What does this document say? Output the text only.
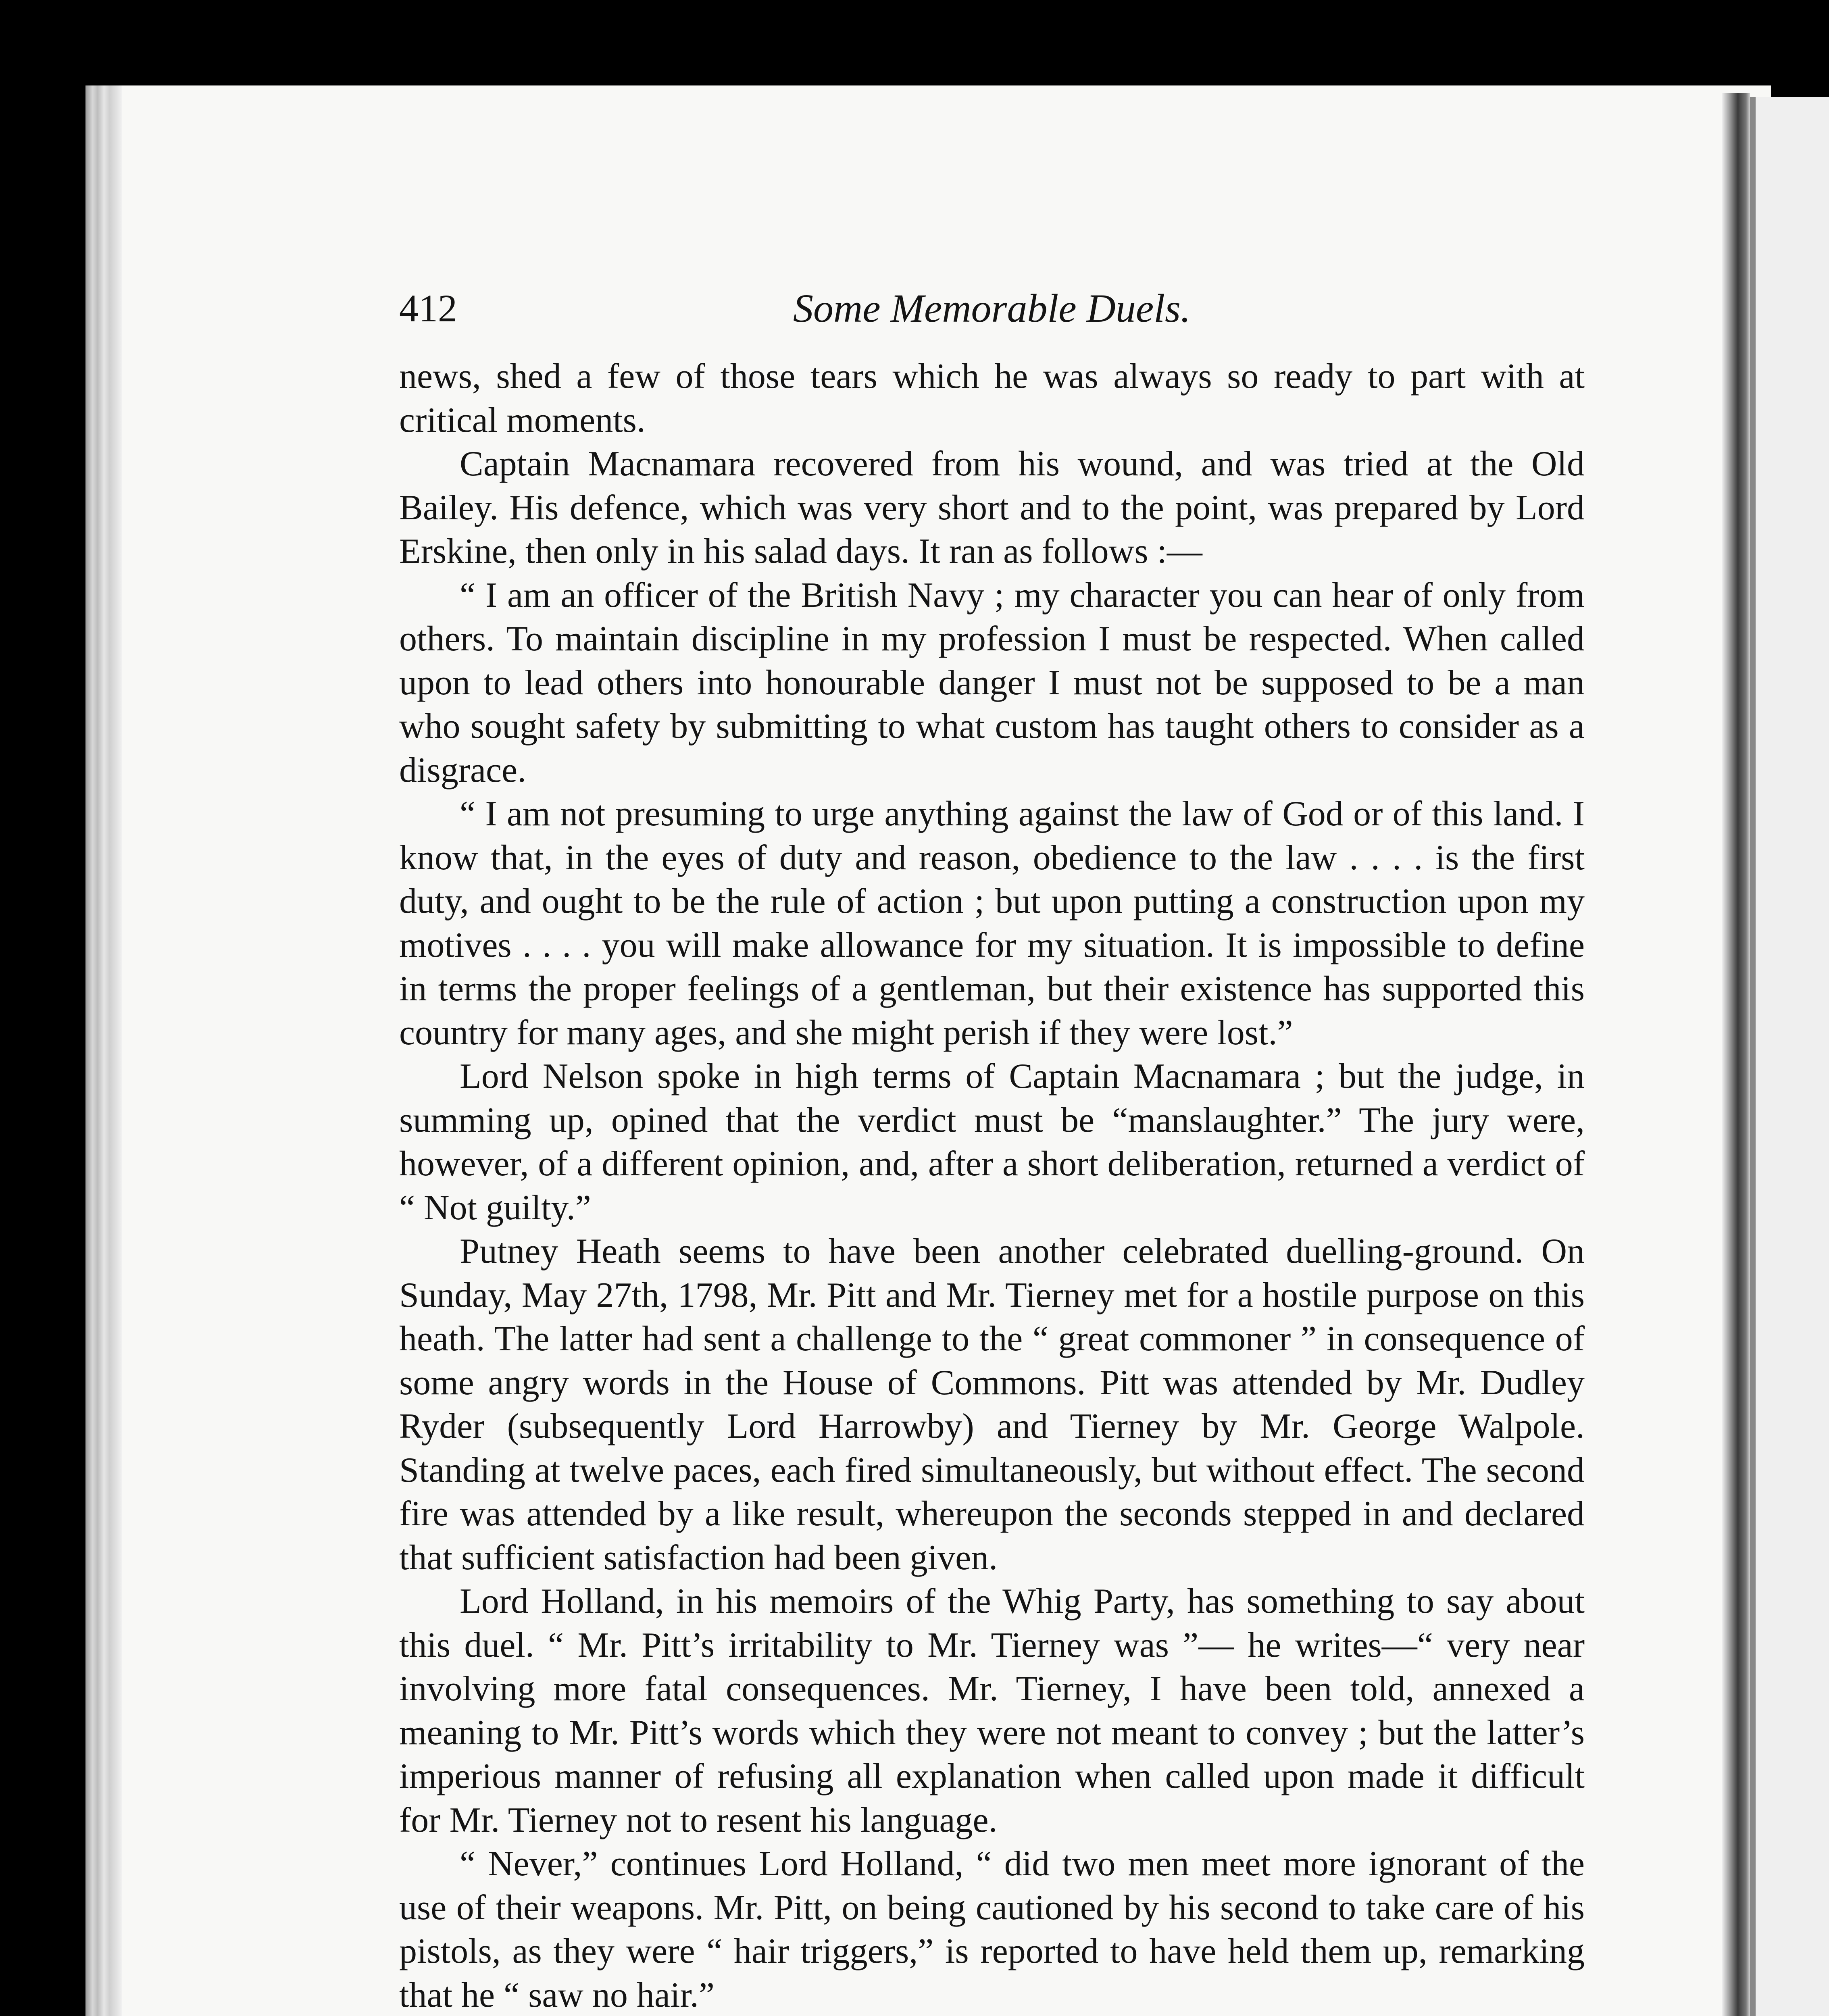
412	Some Memorable Duels.

news, shed a few of those tears which he was always so ready to part with at critical moments.

Captain Macnamara recovered from his wound, and was tried at the Old Bailey. His defence, which was very short and to the point, was prepared by Lord Erskine, then only in his salad days. It ran as follows :—

“ I am an officer of the British Navy ; my character you can hear of only from others. To maintain discipline in my profession I must be respected. When called upon to lead others into honourable danger I must not be supposed to be a man who sought safety by submitting to what custom has taught others to consider as a disgrace.

“ I am not presuming to urge anything against the law of God or of this land. I know that, in the eyes of duty and reason, obedience to the law . . . . is the first duty, and ought to be the rule of action ; but upon putting a construction upon my motives . . . . you will make allowance for my situation. It is impossible to define in terms the proper feelings of a gentleman, but their existence has supported this country for many ages, and she might perish if they were lost.”

Lord Nelson spoke in high terms of Captain Macnamara ; but the judge, in summing up, opined that the verdict must be “manslaughter.” The jury were, however, of a different opinion, and, after a short deliberation, returned a verdict of “ Not guilty.”

Putney Heath seems to have been another celebrated duelling-ground. On Sunday, May 27th, 1798, Mr. Pitt and Mr. Tierney met for a hostile purpose on this heath. The latter had sent a challenge to the “ great commoner ” in consequence of some angry words in the House of Commons. Pitt was attended by Mr. Dudley Ryder (subsequently Lord Harrowby) and Tierney by Mr. George Walpole. Standing at twelve paces, each fired simultaneously, but without effect. The second fire was attended by a like result, whereupon the seconds stepped in and declared that sufficient satisfaction had been given.

Lord Holland, in his memoirs of the Whig Party, has something to say about this duel. “ Mr. Pitt’s irritability to Mr. Tierney was ”— he writes—“ very near involving more fatal consequences. Mr. Tierney, I have been told, annexed a meaning to Mr. Pitt’s words which they were not meant to convey ; but the latter’s imperious manner of refusing all explanation when called upon made it difficult for Mr. Tierney not to resent his language.

“ Never,” continues Lord Holland, “ did two men meet more ignorant of the use of their weapons. Mr. Pitt, on being cautioned by his second to take care of his pistols, as they were “ hair triggers,” is reported to have held them up, remarking that he “ saw no hair.”
